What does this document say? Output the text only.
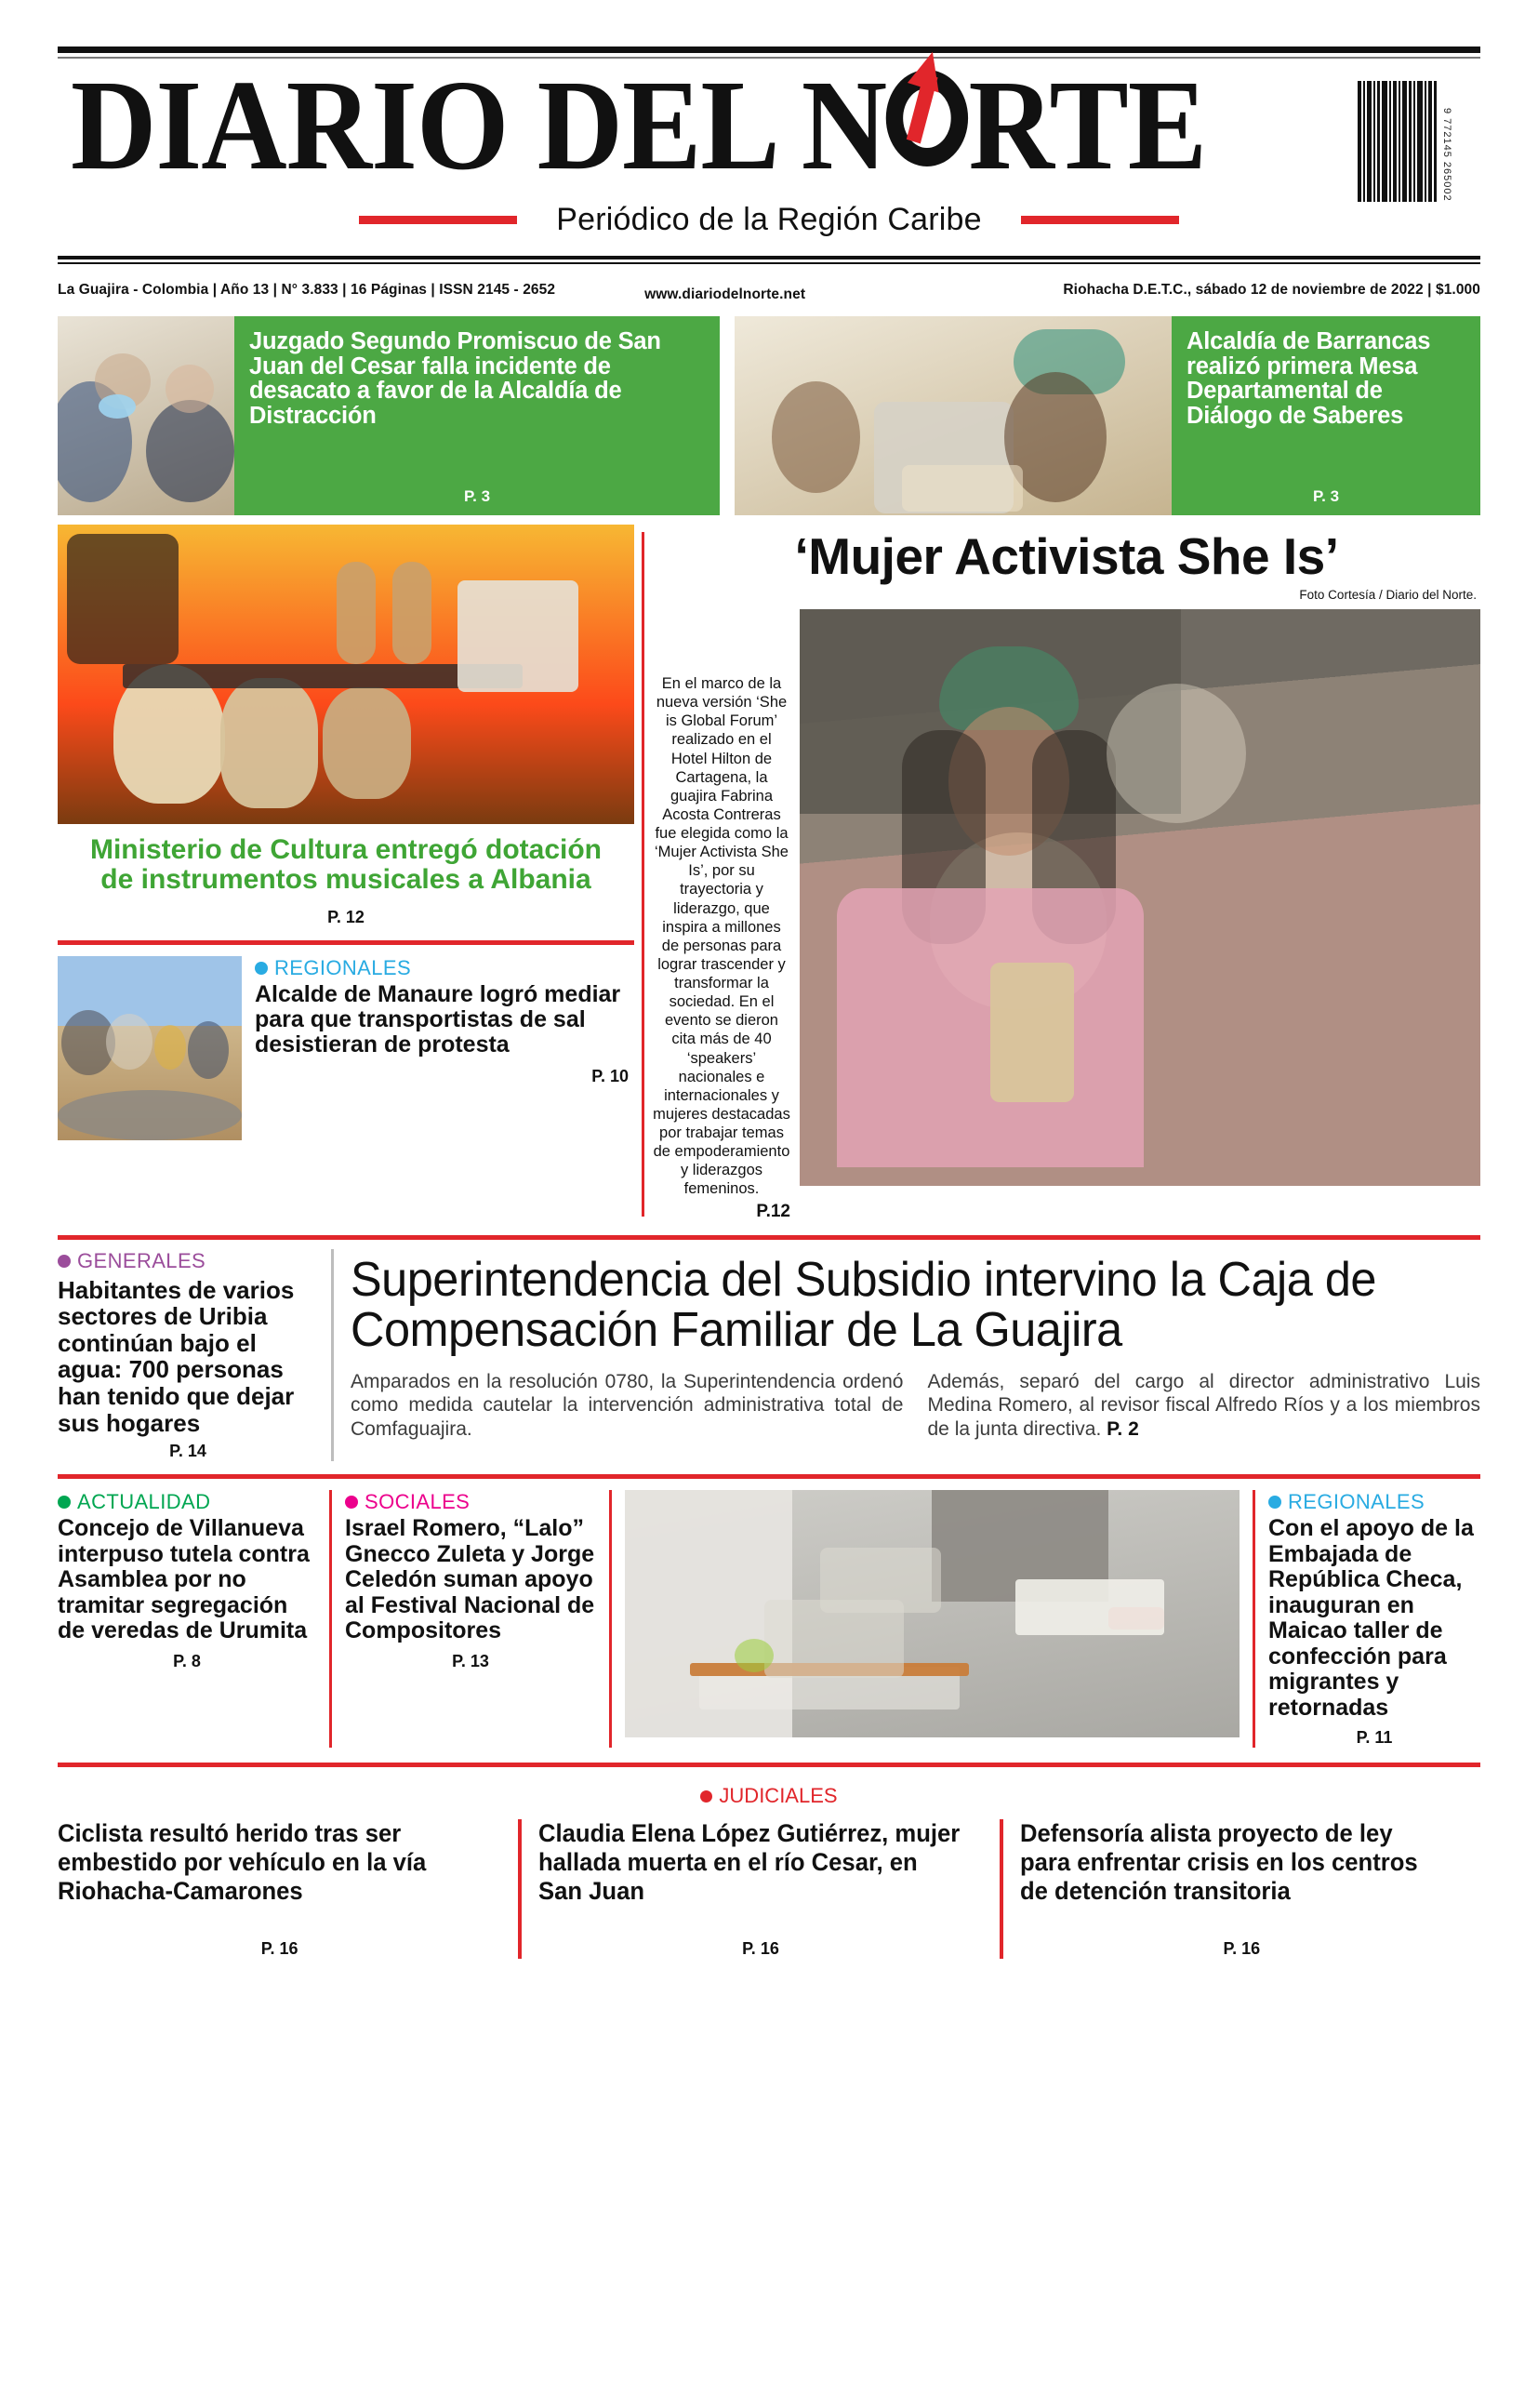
DIARIO DEL N RTE	9 772145 265002
Periódico de la Región Caribe
La Guajira - Colombia | Año 13 | N° 3.833 | 16 Páginas | ISSN 2145 - 2652	www.diariodelnorte.net	Riohacha D.E.T.C., sábado 12 de noviembre de 2022 | $1.000
Juzgado Segundo Promiscuo de San Juan del Cesar falla incidente de desacato a favor de la Alcaldía de Distracción
P. 3
Alcaldía de Barrancas realizó primera Mesa Departamental de Diálogo de Saberes
P. 3
Ministerio de Cultura entregó dotación de instrumentos musicales a Albania
P. 12
REGIONALES
Alcalde de Manaure logró mediar para que transportistas de sal desistieran de protesta
P. 10
‘Mujer Activista She Is’
Foto Cortesía / Diario del Norte.
En el marco de la nueva versión ‘She is Global Forum’ realizado en el Hotel Hilton de Cartagena, la guajira Fabrina Acosta Contreras fue elegida como la ‘Mujer Activista She Is’, por su trayectoria y liderazgo, que inspira a millones de personas para lograr trascender y transformar la sociedad. En el evento se dieron cita más de 40 ‘speakers’ nacionales e internacionales y mujeres destacadas por trabajar temas de empoderamiento y liderazgos femeninos.
P.12
GENERALES
Habitantes de varios sectores de Uribia continúan bajo el agua: 700 personas han tenido que dejar sus hogares
P. 14
Superintendencia del Subsidio intervino la Caja de Compensación Familiar de La Guajira

Amparados en la resolución 0780, la Superintendencia ordenó como medida cautelar la intervención administrativa total de Comfaguajira.

Además, separó del cargo al director administrativo Luis Medina Romero, al revisor fiscal Alfredo Ríos y a los miembros de la junta directiva. P. 2

ACTUALIDAD
Concejo de Villanueva interpuso tutela contra Asamblea por no tramitar segregación de veredas de Urumita
P. 8
SOCIALES
Israel Romero, “Lalo” Gnecco Zuleta y Jorge Celedón suman apoyo al Festival Nacional de Compositores
P. 13
REGIONALES
Con el apoyo de la Embajada de República Checa, inauguran en Maicao taller de confección para migrantes y retornadas
P. 11
JUDICIALES
Ciclista resultó herido tras ser embestido por vehículo en la vía Riohacha-Camarones
P. 16
Claudia Elena López Gutiérrez, mujer hallada muerta en el río Cesar, en San Juan
P. 16
Defensoría alista proyecto de ley para enfrentar crisis en los centros de detención transitoria
P. 16
